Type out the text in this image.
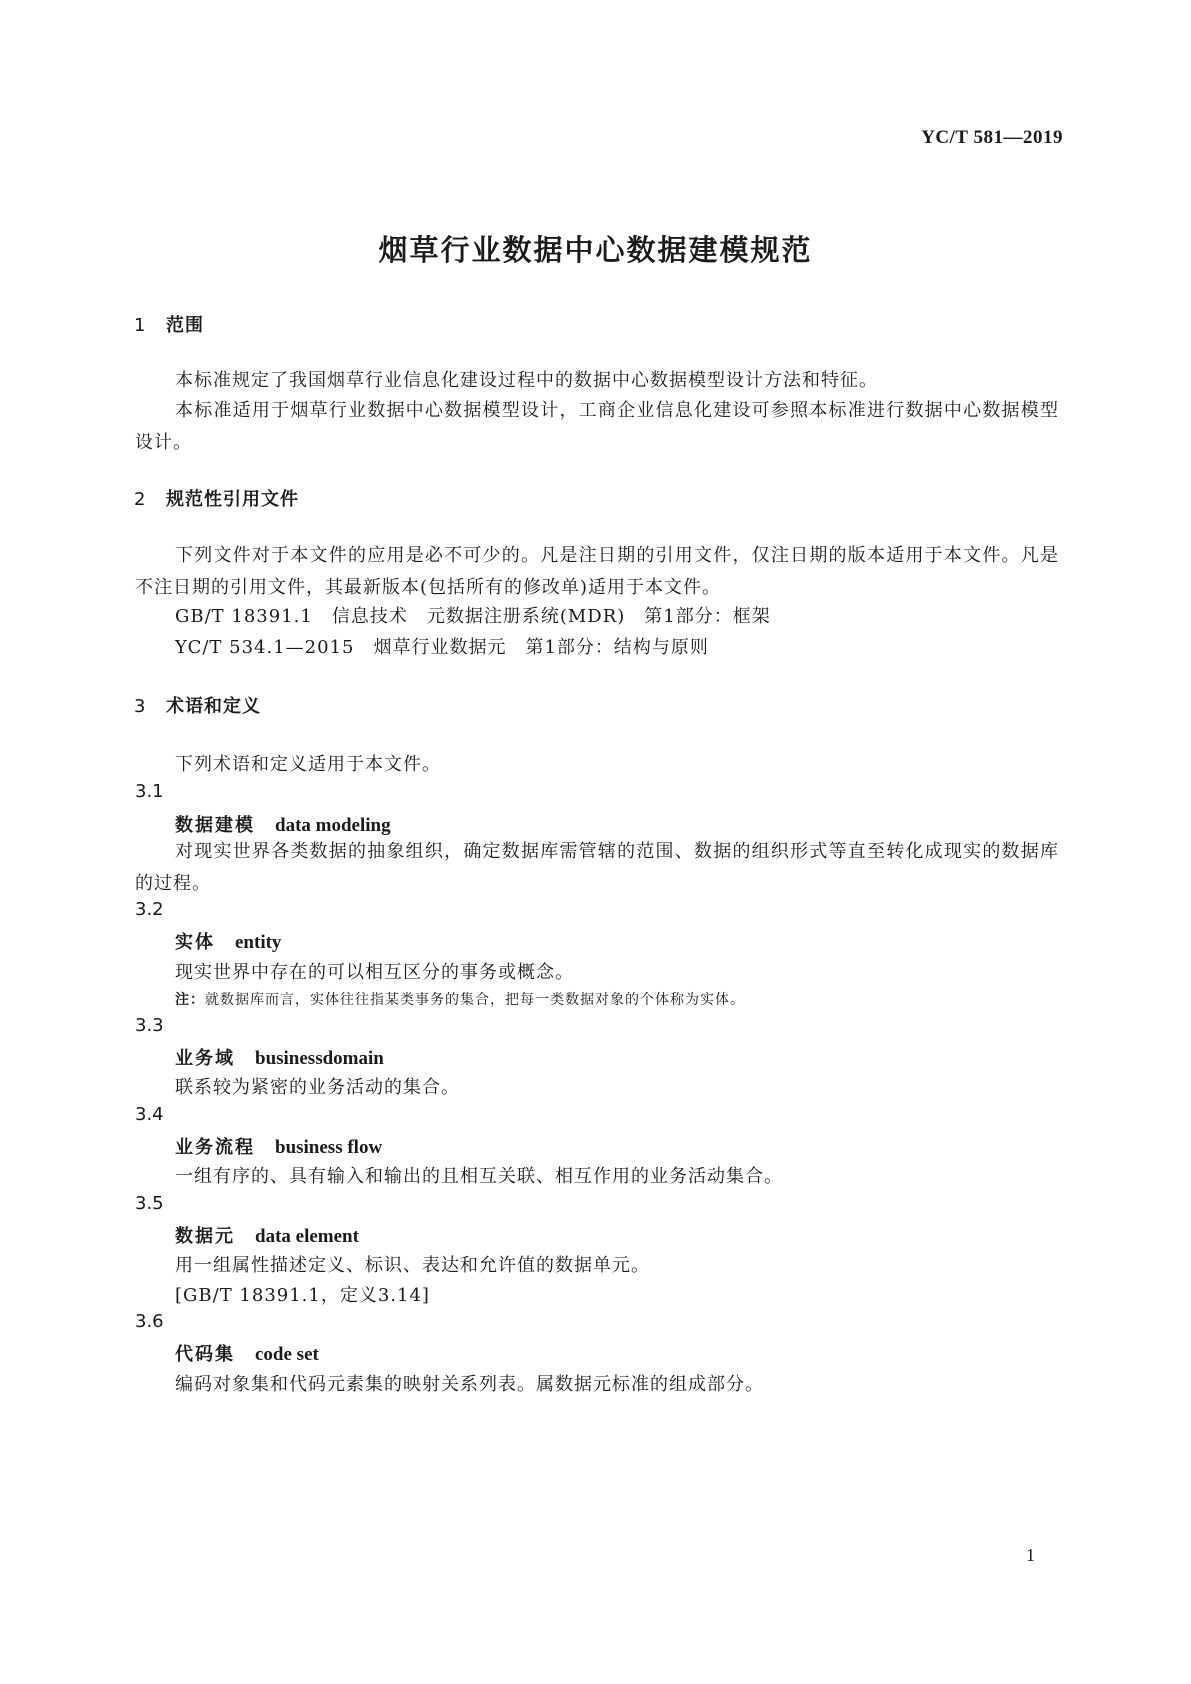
YC/T 581—2019
烟草行业数据中心数据建模规范
1 范围
本标准规定了我国烟草行业信息化建设过程中的数据中心数据模型设计方法和特征。
本标准适用于烟草行业数据中心数据模型设计，工商企业信息化建设可参照本标准进行数据中心数据模型设计。
2 规范性引用文件
下列文件对于本文件的应用是必不可少的。凡是注日期的引用文件，仅注日期的版本适用于本文件。凡是不注日期的引用文件，其最新版本(包括所有的修改单)适用于本文件。
GB/T 18391.1　信息技术　元数据注册系统(MDR)　第1部分：框架
YC/T 534.1—2015　烟草行业数据元　第1部分：结构与原则
3 术语和定义
下列术语和定义适用于本文件。
3.1
数据建模 data modeling
对现实世界各类数据的抽象组织，确定数据库需管辖的范围、数据的组织形式等直至转化成现实的数据库的过程。
3.2
实体 entity
现实世界中存在的可以相互区分的事务或概念。
注：就数据库而言，实体往往指某类事务的集合，把每一类数据对象的个体称为实体。
3.3
业务域 businessdomain
联系较为紧密的业务活动的集合。
3.4
业务流程 business flow
一组有序的、具有输入和输出的且相互关联、相互作用的业务活动集合。
3.5
数据元 data element
用一组属性描述定义、标识、表达和允许值的数据单元。
[GB/T 18391.1，定义3.14]
3.6
代码集 code set
编码对象集和代码元素集的映射关系列表。属数据元标准的组成部分。
1
